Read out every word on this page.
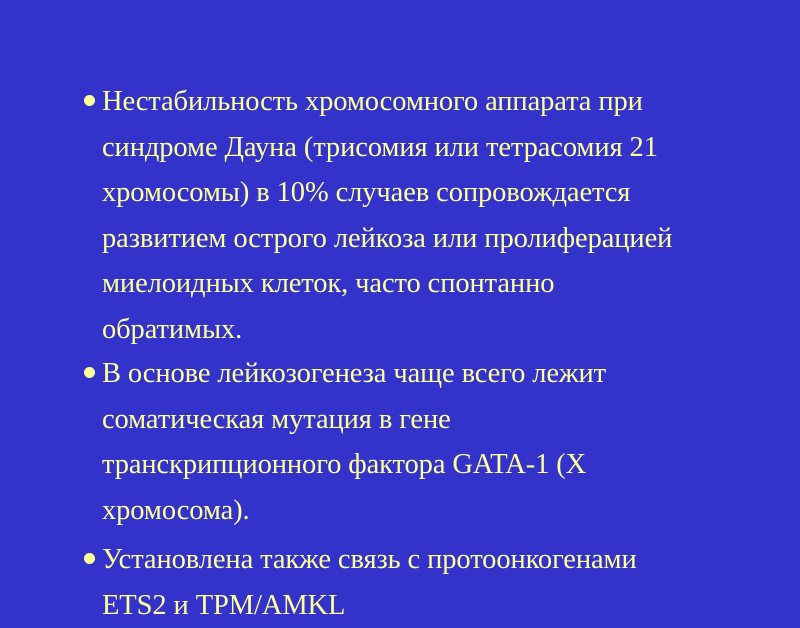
Нестабильность хромосомного аппарата при
синдроме Дауна (трисомия или тетрасомия 21
хромосомы) в 10% случаев сопровождается
развитием острого лейкоза или пролиферацией
миелоидных клеток, часто спонтанно
обратимых.
В основе лейкозогенеза чаще всего лежит
соматическая мутация в гене
транскрипционного фактора GATA-1 (X
хромосома).
Установлена также связь с протоонкогенами
ETS2 и TPM/AMKL
